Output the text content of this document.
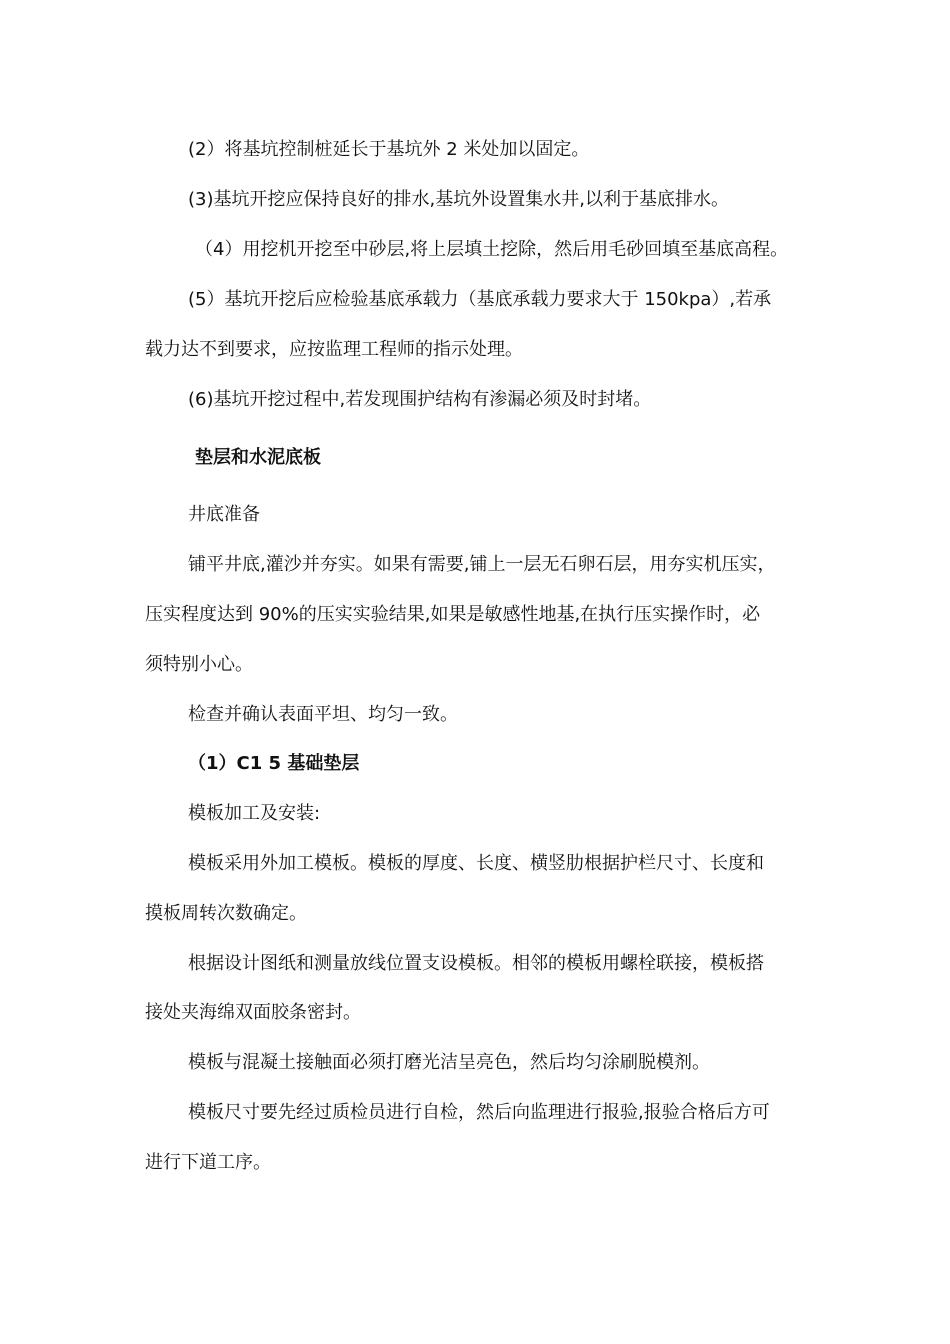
(2）将基坑控制桩延长于基坑外 2 米处加以固定。
(3)基坑开挖应保持良好的排水,基坑外设置集水井,以利于基底排水。
（4）用挖机开挖至中砂层,将上层填土挖除，然后用毛砂回填至基底高程。
(5）基坑开挖后应检验基底承载力（基底承载力要求大于 150kpa）,若承
载力达不到要求，应按监理工程师的指示处理。
(6)基坑开挖过程中,若发现围护结构有渗漏必须及时封堵。
垫层和水泥底板
井底准备
铺平井底,灌沙并夯实。如果有需要,铺上一层无石卵石层，用夯实机压实，
压实程度达到 90%的压实实验结果,如果是敏感性地基,在执行压实操作时，必
须特别小心。
检查并确认表面平坦、均匀一致。
（1）C1 5 基础垫层
模板加工及安装:
模板采用外加工模板。模板的厚度、长度、横竖肋根据护栏尺寸、长度和
摸板周转次数确定。
根据设计图纸和测量放线位置支设模板。相邻的模板用螺栓联接，模板搭
接处夹海绵双面胶条密封。
模板与混凝土接触面必须打磨光洁呈亮色，然后均匀涂刷脱模剂。
模板尺寸要先经过质检员进行自检，然后向监理进行报验,报验合格后方可
进行下道工序。
